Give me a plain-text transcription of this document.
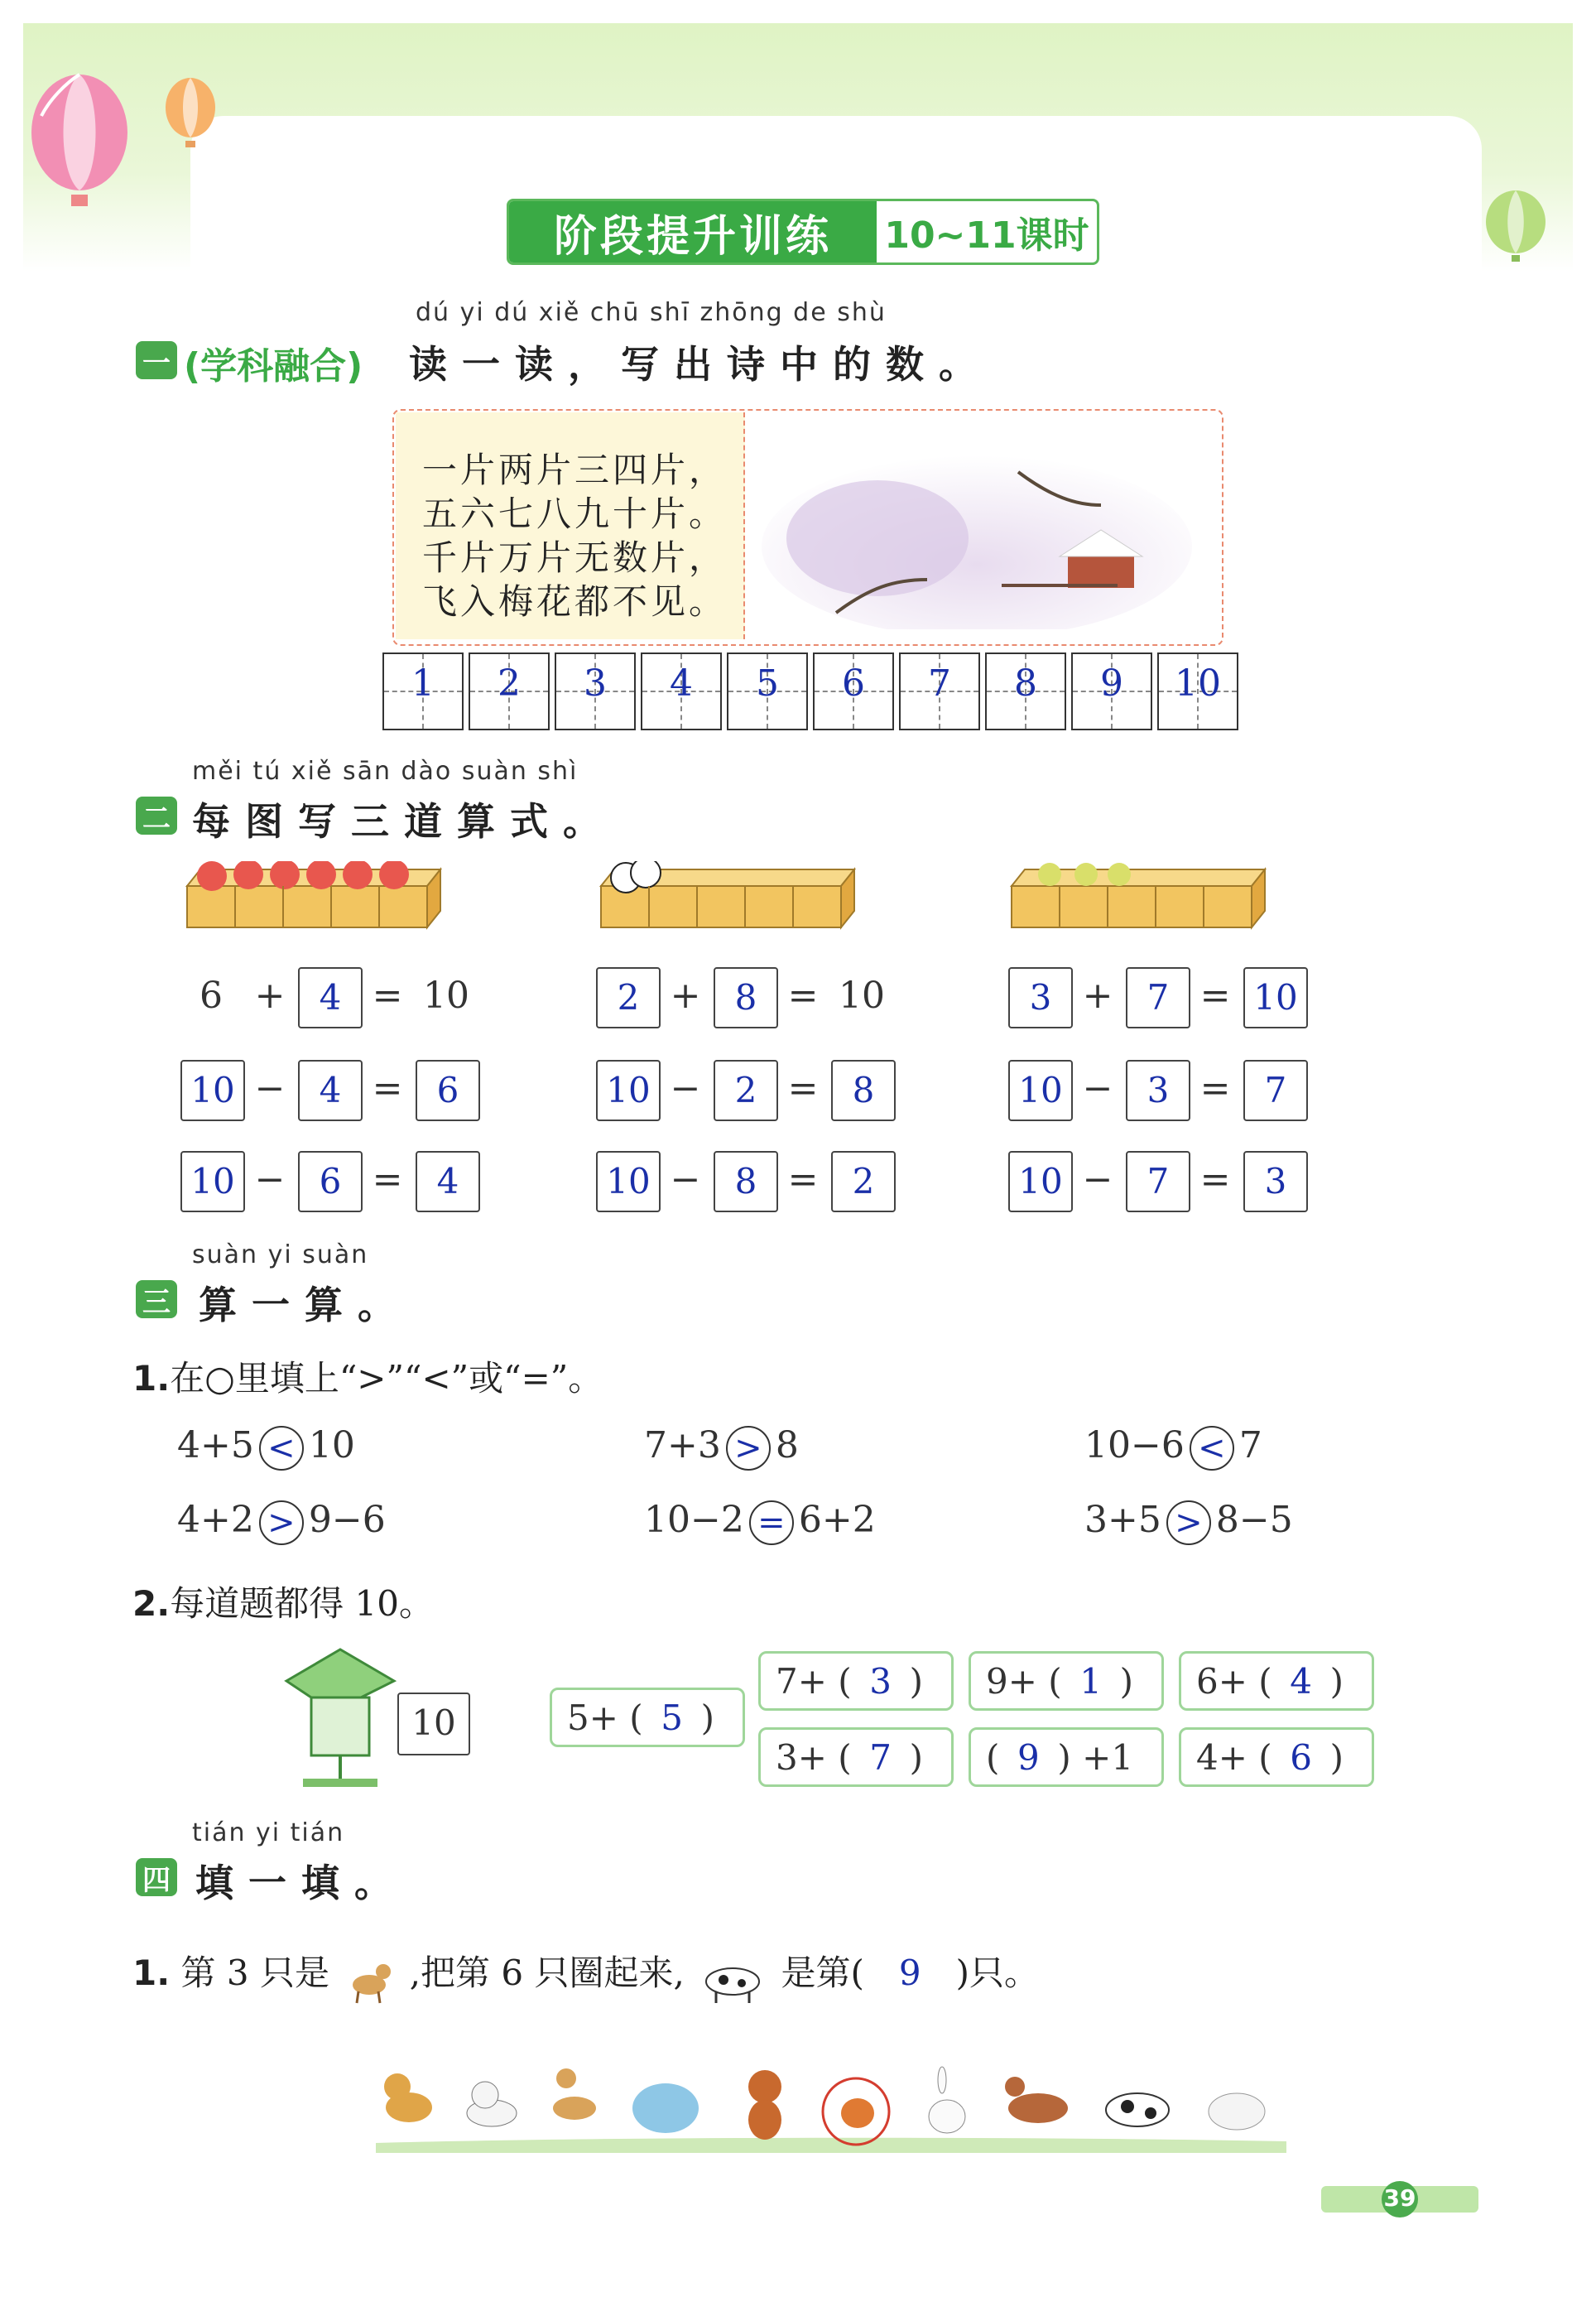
阶段提升训练	10~11课时
dú yi dú xiě chū shī zhōng de shù
一 (学科融合) 读一读，写出诗中的数。
一片两片三四片，
五六七八九十片。
千片万片无数片，
飞入梅花都不见。
1	2	3	4	5	6	7	8	9	10
měi tú xiě sān dào suàn shì
二 每图写三道算式。
6 + 4 = 10
10 − 4 = 6
10 − 6 = 4
2 + 8 = 10
10 − 2 = 8
10 − 8 = 2
3 + 7 = 10
10 − 3 = 7
10 − 7 = 3
suàn yi suàn
三 算一算。
1.在○里填上“>”“<”或“=”。
4+5 < 10	7+3 > 8	10−6 < 7
4+2 > 9−6	10−2 = 6+2	3+5 > 8−5
2.每道题都得 10。
10	5+ ( 5 )
7+ ( 3 ) 9+ ( 1 ) 6+ ( 4 )
3+ ( 7 ) ( 9 ) +1 4+ ( 6 )
tián yi tián
四 填一填。
1. 第 3 只是 ,把第 6 只圈起来,	是第( 9 )只。
39
